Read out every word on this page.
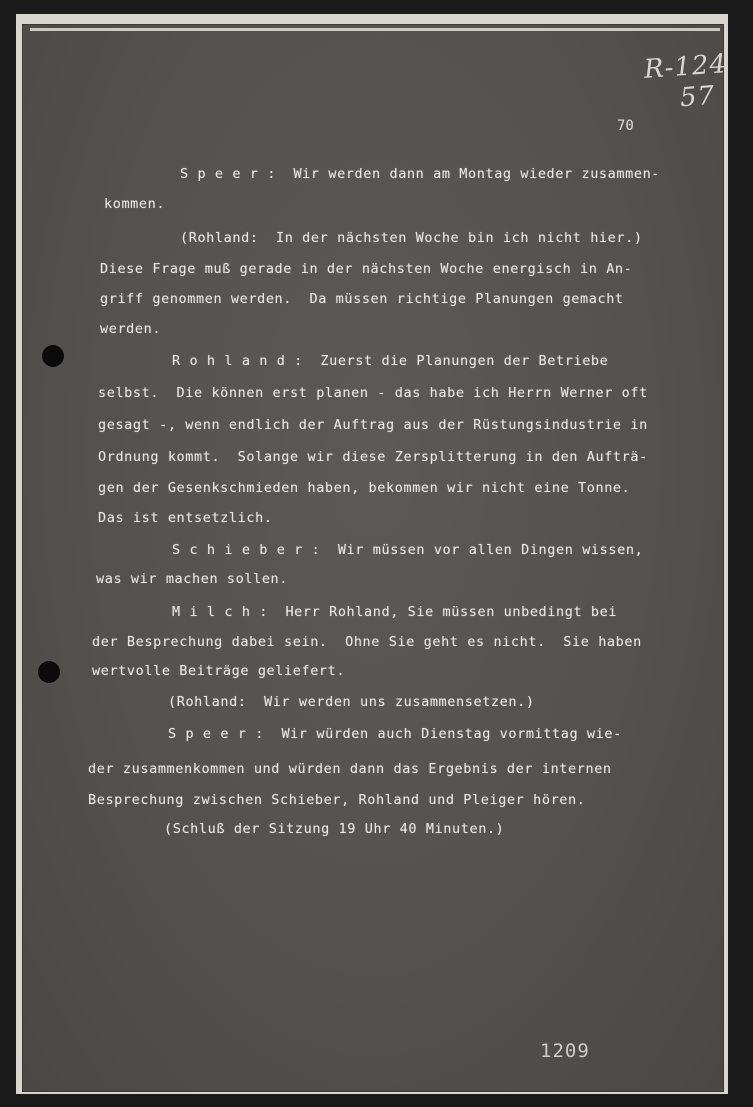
R-124
57
70
S p e e r :  Wir werden dann am Montag wieder zusammen-
kommen.
(Rohland:  In der nächsten Woche bin ich nicht hier.)
Diese Frage muß gerade in der nächsten Woche energisch in An-
griff genommen werden.  Da müssen richtige Planungen gemacht
werden.
R o h l a n d :  Zuerst die Planungen der Betriebe
selbst.  Die können erst planen - das habe ich Herrn Werner oft
gesagt -, wenn endlich der Auftrag aus der Rüstungsindustrie in
Ordnung kommt.  Solange wir diese Zersplitterung in den Aufträ-
gen der Gesenkschmieden haben, bekommen wir nicht eine Tonne.
Das ist entsetzlich.
S c h i e b e r :  Wir müssen vor allen Dingen wissen,
was wir machen sollen.
M i l c h :  Herr Rohland, Sie müssen unbedingt bei
der Besprechung dabei sein.  Ohne Sie geht es nicht.  Sie haben
wertvolle Beiträge geliefert.
(Rohland:  Wir werden uns zusammensetzen.)
S p e e r :  Wir würden auch Dienstag vormittag wie-
der zusammenkommen und würden dann das Ergebnis der internen
Besprechung zwischen Schieber, Rohland und Pleiger hören.
(Schluß der Sitzung 19 Uhr 40 Minuten.)
1209
